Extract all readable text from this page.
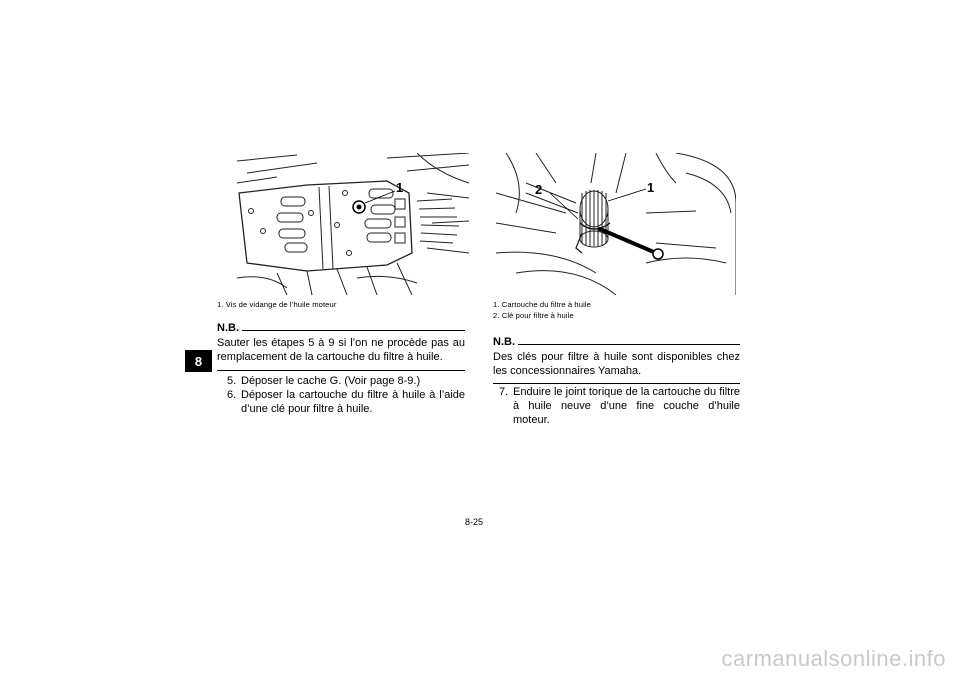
8
1
1. Vis de vidange de l’huile moteur
1
2
1. Cartouche du filtre à huile
2. Clé pour filtre à huile
N.B.
Sauter les étapes 5 à 9 si l’on ne procède pas au remplacement de la cartouche du filtre à huile.
5. Déposer le cache G. (Voir page 8-9.)
6. Déposer la cartouche du filtre à huile à l’aide d’une clé pour filtre à huile.
N.B.
Des clés pour filtre à huile sont disponibles chez les concessionnaires Yamaha.
7. Enduire le joint torique de la cartouche du filtre à huile neuve d’une fine couche d’huile moteur.
8-25
carmanualsonline.info
